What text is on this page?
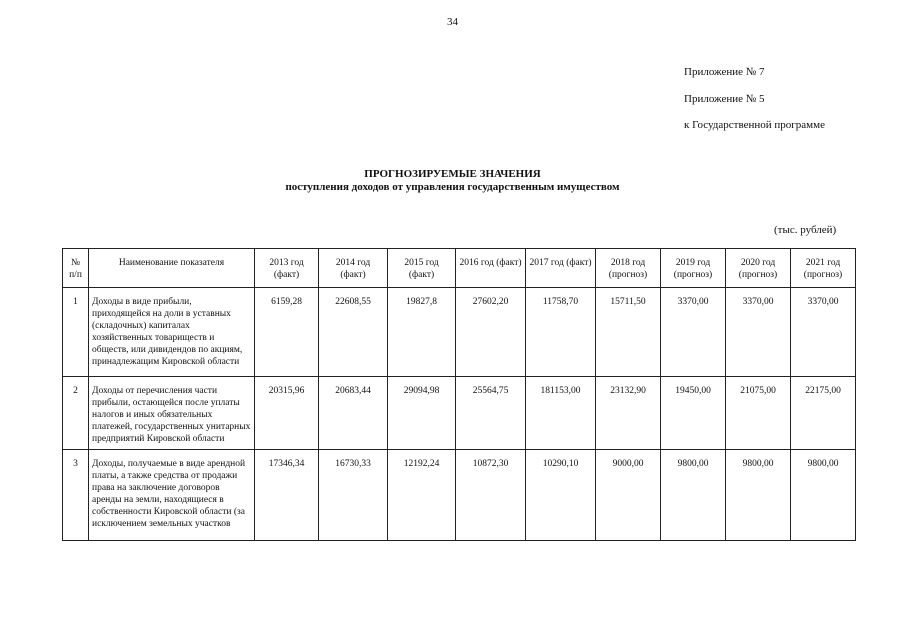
34
Приложение № 7
Приложение № 5
к Государственной программе
ПРОГНОЗИРУЕМЫЕ ЗНАЧЕНИЯ
поступления доходов от управления государственным имуществом
(тыс. рублей)
№ п/п	Наименование показателя	2013 год (факт)	2014 год (факт)	2015 год (факт)	2016 год (факт)	2017 год (факт)	2018 год (прогноз)	2019 год (прогноз)	2020 год (прогноз)	2021 год (прогноз)
1	Доходы в виде прибыли, приходящейся на доли в уставных (складочных) капиталах хозяйственных товариществ и обществ, или дивидендов по акциям, принадлежащим Кировской области	6159,28	22608,55	19827,8	27602,20	11758,70	15711,50	3370,00	3370,00	3370,00
2	Доходы от перечисления части прибыли, остающейся после уплаты налогов и иных обязательных платежей, государственных унитарных предприятий Кировской области	20315,96	20683,44	29094,98	25564,75	181153,00	23132,90	19450,00	21075,00	22175,00
3	Доходы, получаемые в виде арендной платы, а также средства от продажи права на заключение договоров аренды на земли, находящиеся в собственности Кировской области (за исключением земельных участков	17346,34	16730,33	12192,24	10872,30	10290,10	9000,00	9800,00	9800,00	9800,00
